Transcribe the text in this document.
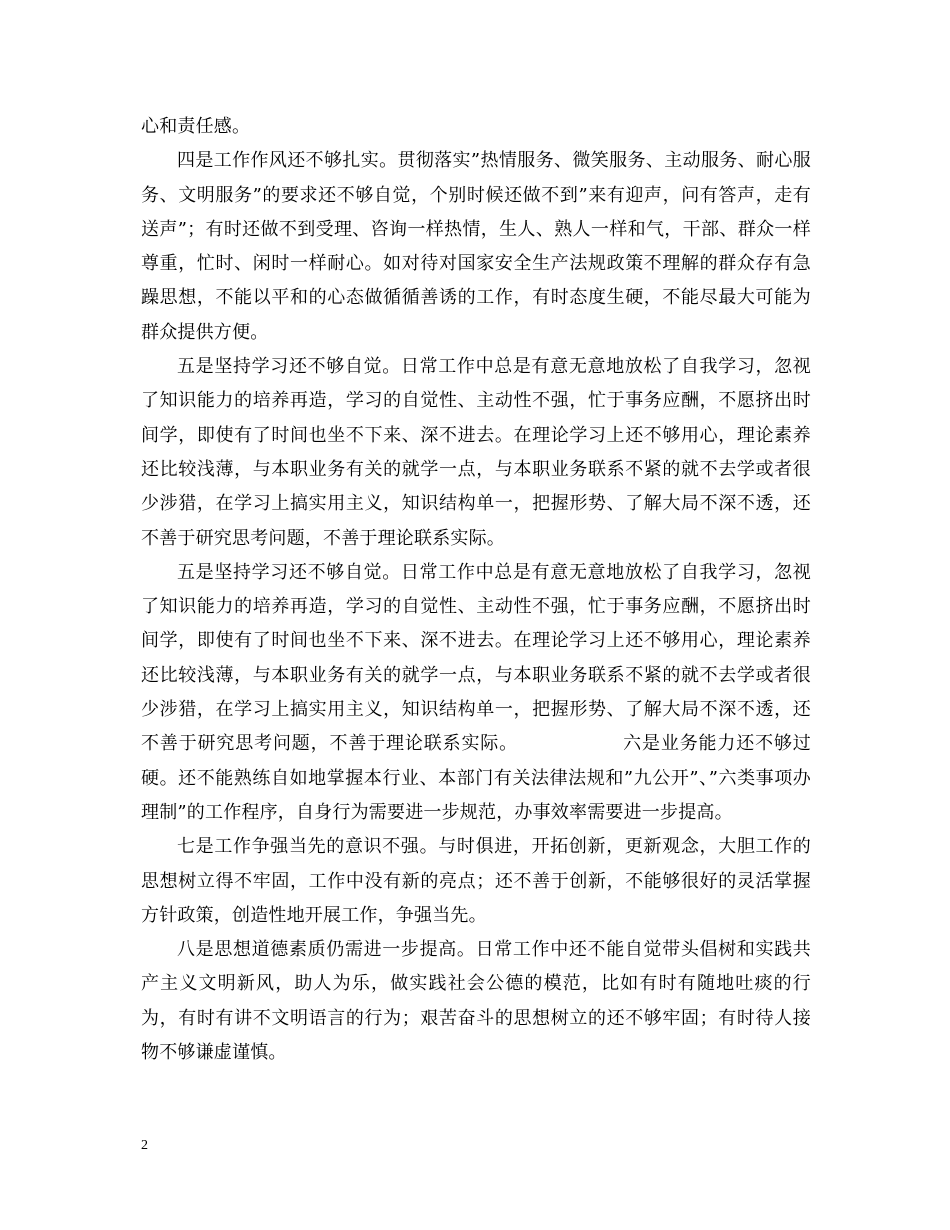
心和责任感。

四是工作作风还不够扎实。贯彻落实”热情服务、微笑服务、主动服务、耐心服务、文明服务”的要求还不够自觉，个别时候还做不到”来有迎声，问有答声，走有送声”；有时还做不到受理、咨询一样热情，生人、熟人一样和气，干部、群众一样尊重，忙时、闲时一样耐心。如对待对国家安全生产法规政策不理解的群众存有急躁思想，不能以平和的心态做循循善诱的工作，有时态度生硬，不能尽最大可能为群众提供方便。

五是坚持学习还不够自觉。日常工作中总是有意无意地放松了自我学习，忽视了知识能力的培养再造，学习的自觉性、主动性不强，忙于事务应酬，不愿挤出时间学，即使有了时间也坐不下来、深不进去。在理论学习上还不够用心，理论素养还比较浅薄，与本职业务有关的就学一点，与本职业务联系不紧的就不去学或者很少涉猎，在学习上搞实用主义，知识结构单一，把握形势、了解大局不深不透，还不善于研究思考问题，不善于理论联系实际。

五是坚持学习还不够自觉。日常工作中总是有意无意地放松了自我学习，忽视了知识能力的培养再造，学习的自觉性、主动性不强，忙于事务应酬，不愿挤出时间学，即使有了时间也坐不下来、深不进去。在理论学习上还不够用心，理论素养还比较浅薄，与本职业务有关的就学一点，与本职业务联系不紧的就不去学或者很少涉猎，在学习上搞实用主义，知识结构单一，把握形势、了解大局不深不透，还不善于研究思考问题，不善于理论联系实际。                六是业务能力还不够过硬。还不能熟练自如地掌握本行业、本部门有关法律法规和”九公开”、”六类事项办理制”的工作程序，自身行为需要进一步规范，办事效率需要进一步提高。

七是工作争强当先的意识不强。与时俱进，开拓创新，更新观念，大胆工作的思想树立得不牢固，工作中没有新的亮点；还不善于创新，不能够很好的灵活掌握方针政策，创造性地开展工作，争强当先。

八是思想道德素质仍需进一步提高。日常工作中还不能自觉带头倡树和实践共产主义文明新风，助人为乐，做实践社会公德的模范，比如有时有随地吐痰的行为，有时有讲不文明语言的行为；艰苦奋斗的思想树立的还不够牢固；有时待人接物不够谦虚谨慎。

2
